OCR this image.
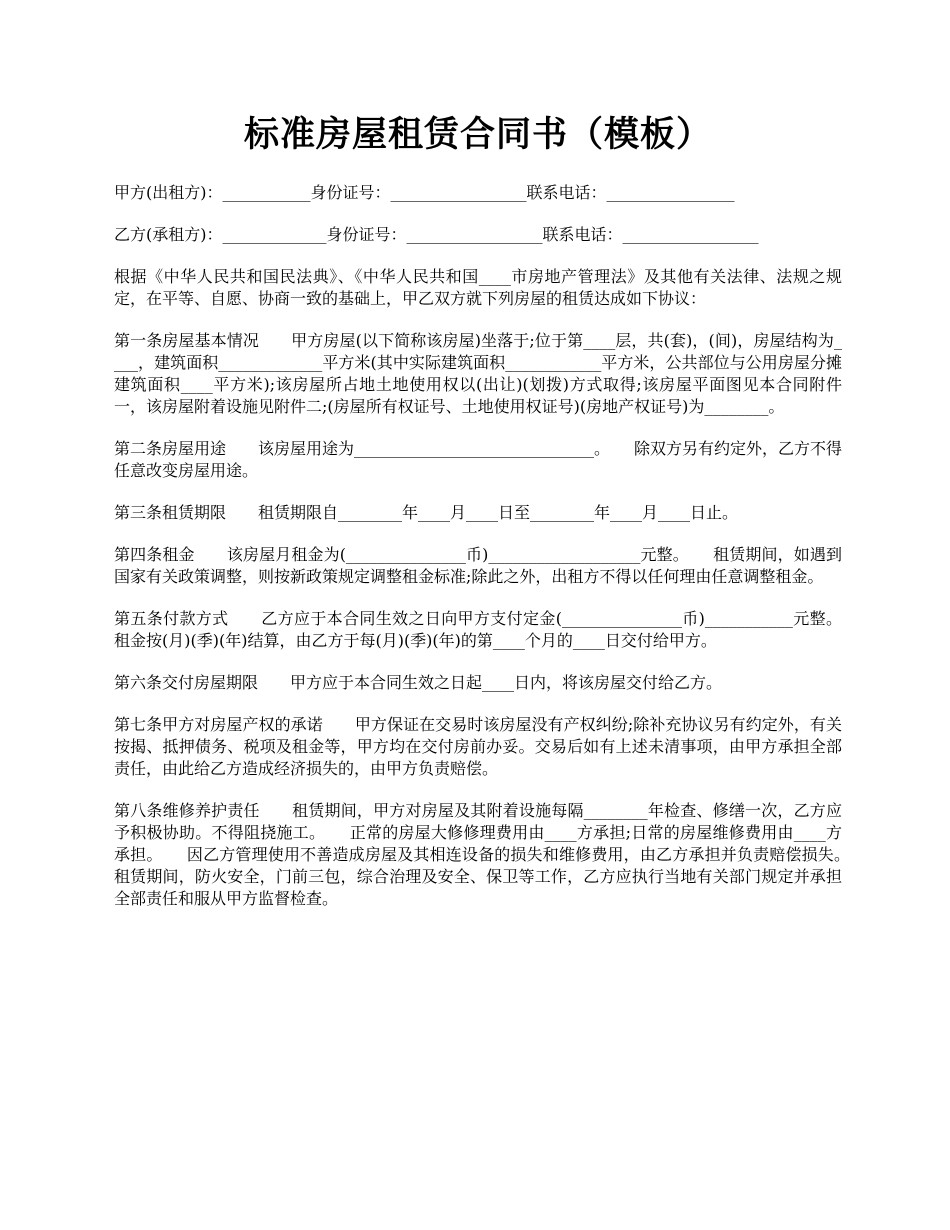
标准房屋租赁合同书（模板）

甲方(出租方)：___________身份证号：_________________联系电话：________________

乙方(承租方)：_____________身份证号：_________________联系电话：_________________

根据《中华人民共和国民法典》、《中华人民共和国____市房地产管理法》及其他有关法律、法规之规定，在平等、自愿、协商一致的基础上，甲乙双方就下列房屋的租赁达成如下协议：

第一条房屋基本情况　　甲方房屋(以下简称该房屋)坐落于;位于第____层，共(套)，(间)，房屋结构为____，建筑面积_____________平方米(其中实际建筑面积____________平方米，公共部位与公用房屋分摊建筑面积____平方米);该房屋所占地土地使用权以(出让)(划拨)方式取得;该房屋平面图见本合同附件一，该房屋附着设施见附件二;(房屋所有权证号、土地使用权证号)(房地产权证号)为________。

第二条房屋用途　　该房屋用途为______________________________。　　除双方另有约定外，乙方不得任意改变房屋用途。

第三条租赁期限　　租赁期限自________年____月____日至________年____月____日止。

第四条租金　　该房屋月租金为(_______________币)___________________元整。　　租赁期间，如遇到国家有关政策调整，则按新政策规定调整租金标准;除此之外，出租方不得以任何理由任意调整租金。

第五条付款方式　　乙方应于本合同生效之日向甲方支付定金(_______________币)___________元整。租金按(月)(季)(年)结算，由乙方于每(月)(季)(年)的第____个月的____日交付给甲方。

第六条交付房屋期限　　甲方应于本合同生效之日起____日内，将该房屋交付给乙方。

第七条甲方对房屋产权的承诺　　甲方保证在交易时该房屋没有产权纠纷;除补充协议另有约定外，有关按揭、抵押债务、税项及租金等，甲方均在交付房前办妥。交易后如有上述未清事项，由甲方承担全部责任，由此给乙方造成经济损失的，由甲方负责赔偿。

第八条维修养护责任　　租赁期间，甲方对房屋及其附着设施每隔________年检查、修缮一次，乙方应予积极协助。不得阻挠施工。　　正常的房屋大修修理费用由____方承担;日常的房屋维修费用由____方承担。　　因乙方管理使用不善造成房屋及其相连设备的损失和维修费用，由乙方承担并负责赔偿损失。　　租赁期间，防火安全，门前三包，综合治理及安全、保卫等工作，乙方应执行当地有关部门规定并承担全部责任和服从甲方监督检查。
